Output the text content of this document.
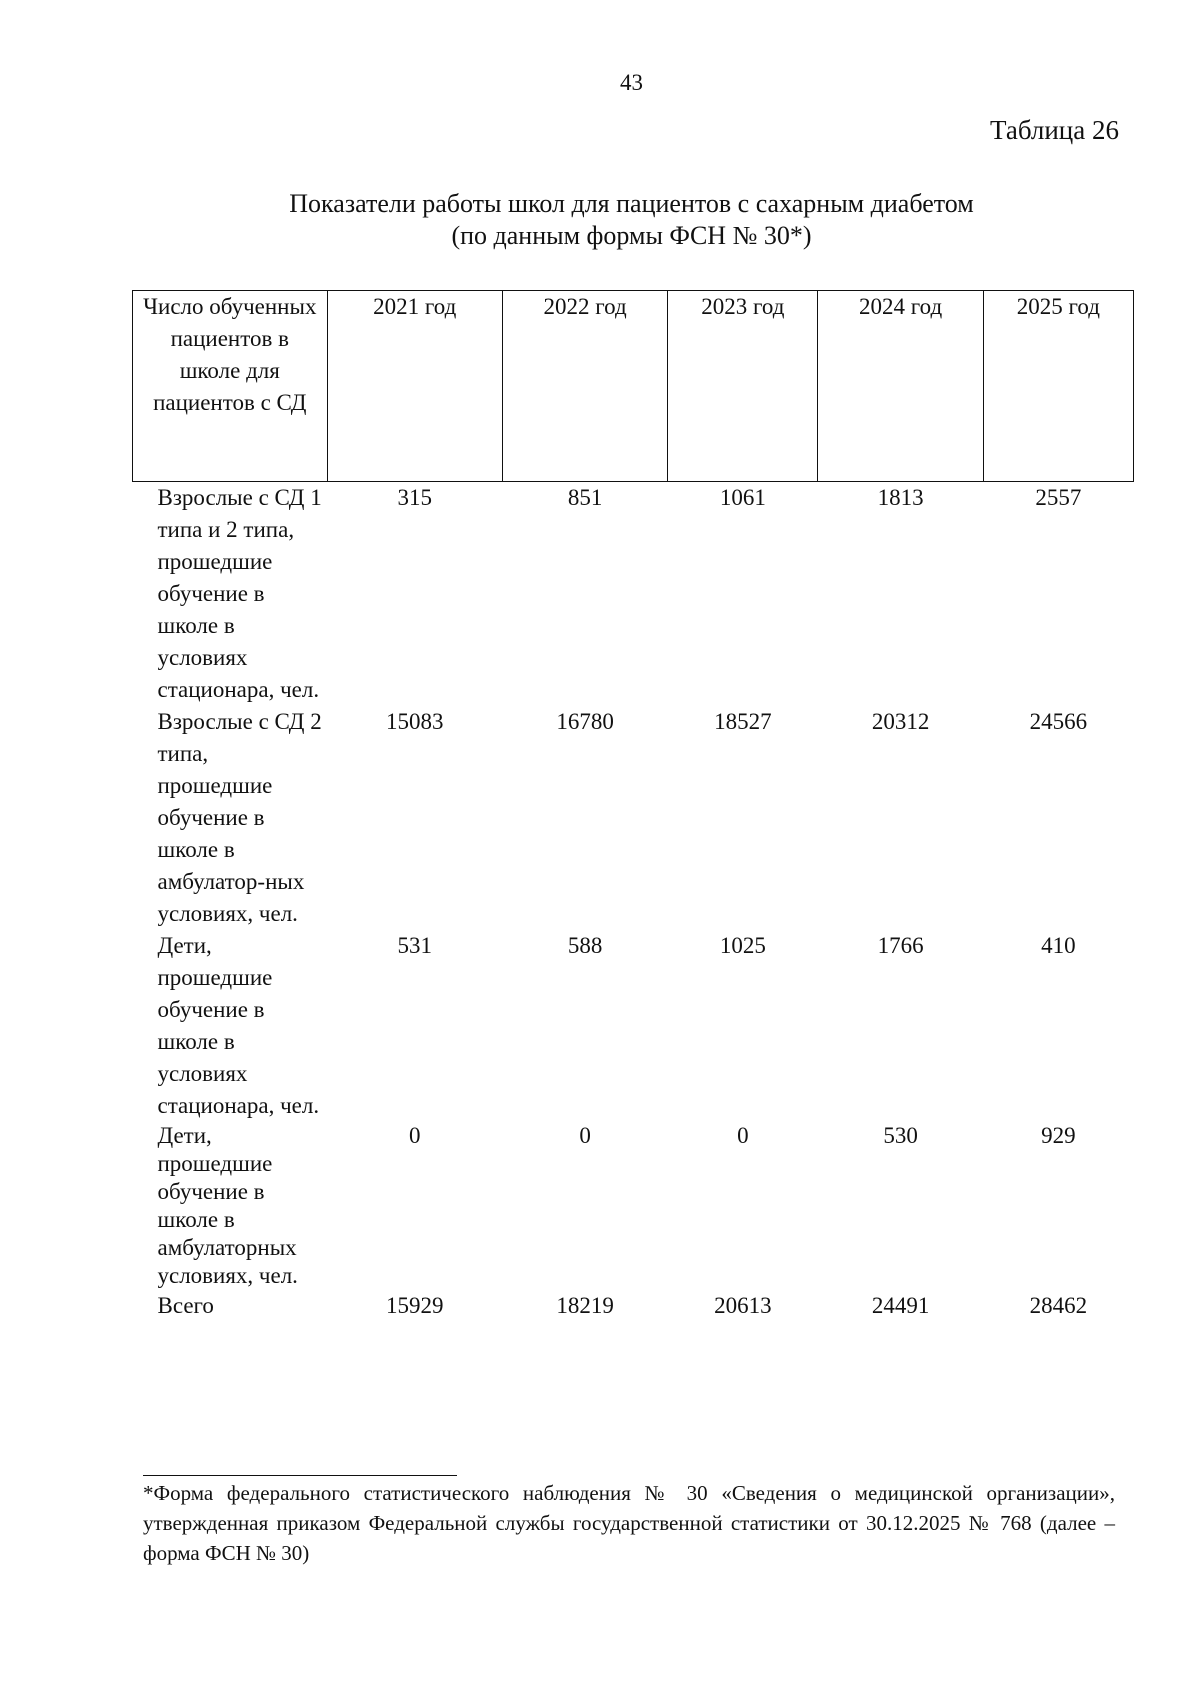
43
Таблица 26
Показатели работы школ для пациентов с сахарным диабетом
(по данным формы ФСН № 30*)
Число обученных пациентов в школе для пациентов с СД	2021 год	2022 год	2023 год	2024 год	2025 год
Взрослые с СД 1 типа и 2 типа, прошедшие обучение в школе в условиях стационара, чел.	315	851	1061	1813	2557
Взрослые с СД 2 типа, прошедшие обучение в школе в амбулатор-ных условиях, чел.	15083	16780	18527	20312	24566
Дети, прошедшие обучение в школе в условиях стационара, чел.	531	588	1025	1766	410
Дети, прошедшие обучение в школе в амбулаторных условиях, чел.	0	0	0	530	929
Всего	15929	18219	20613	24491	28462
*Форма федерального статистического наблюдения № 30 «Сведения о медицинской организации», утвержденная приказом Федеральной службы государственной статистики от 30.12.2025 № 768 (далее – форма ФСН № 30)
